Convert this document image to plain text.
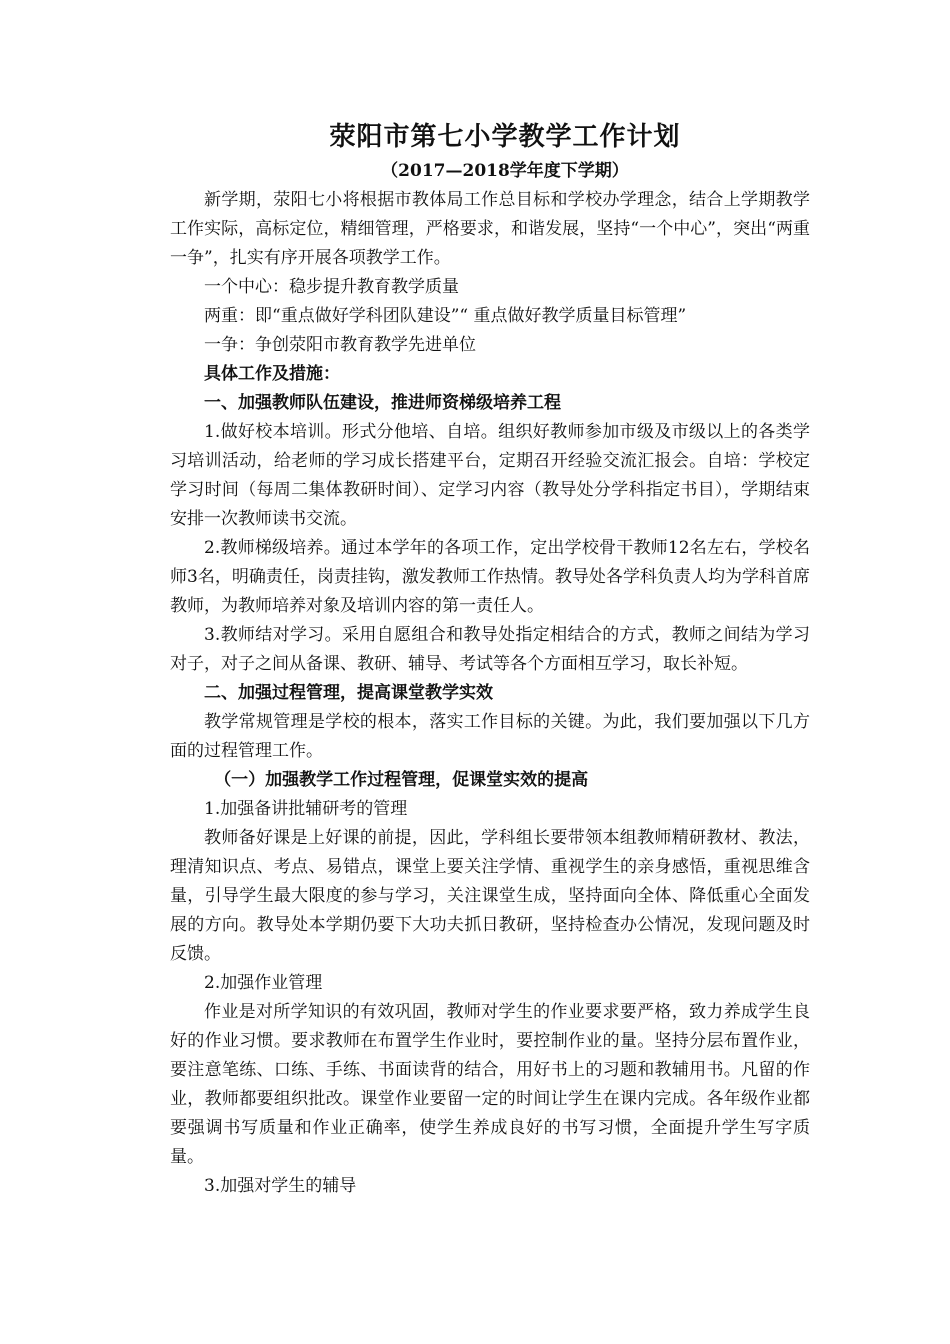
荥阳市第七小学教学工作计划
（2017—2018学年度下学期）

新学期，荥阳七小将根据市教体局工作总目标和学校办学理念，结合上学期教学工作实际，高标定位，精细管理，严格要求，和谐发展，坚持“一个中心”，突出“两重一争”，扎实有序开展各项教学工作。

一个中心：稳步提升教育教学质量

两重：即“重点做好学科团队建设”“ 重点做好教学质量目标管理”

一争：争创荥阳市教育教学先进单位

具体工作及措施：

一、加强教师队伍建设，推进师资梯级培养工程

1.做好校本培训。形式分他培、自培。组织好教师参加市级及市级以上的各类学习培训活动，给老师的学习成长搭建平台，定期召开经验交流汇报会。自培：学校定学习时间（每周二集体教研时间）、定学习内容（教导处分学科指定书目），学期结束安排一次教师读书交流。

2.教师梯级培养。通过本学年的各项工作，定出学校骨干教师12名左右，学校名师3名，明确责任，岗责挂钩，激发教师工作热情。教导处各学科负责人均为学科首席教师，为教师培养对象及培训内容的第一责任人。

3.教师结对学习。采用自愿组合和教导处指定相结合的方式，教师之间结为学习对子，对子之间从备课、教研、辅导、考试等各个方面相互学习，取长补短。

二、加强过程管理，提高课堂教学实效

教学常规管理是学校的根本，落实工作目标的关键。为此，我们要加强以下几方面的过程管理工作。

（一）加强教学工作过程管理，促课堂实效的提高

1.加强备讲批辅研考的管理

教师备好课是上好课的前提，因此，学科组长要带领本组教师精研教材、教法，理清知识点、考点、易错点，课堂上要关注学情、重视学生的亲身感悟，重视思维含量，引导学生最大限度的参与学习，关注课堂生成，坚持面向全体、降低重心全面发展的方向。教导处本学期仍要下大功夫抓日教研，坚持检查办公情况，发现问题及时反馈。

2.加强作业管理

作业是对所学知识的有效巩固，教师对学生的作业要求要严格，致力养成学生良好的作业习惯。要求教师在布置学生作业时，要控制作业的量。坚持分层布置作业，要注意笔练、口练、手练、书面读背的结合，用好书上的习题和教辅用书。凡留的作业，教师都要组织批改。课堂作业要留一定的时间让学生在课内完成。各年级作业都要强调书写质量和作业正确率，使学生养成良好的书写习惯，全面提升学生写字质量。

3.加强对学生的辅导
